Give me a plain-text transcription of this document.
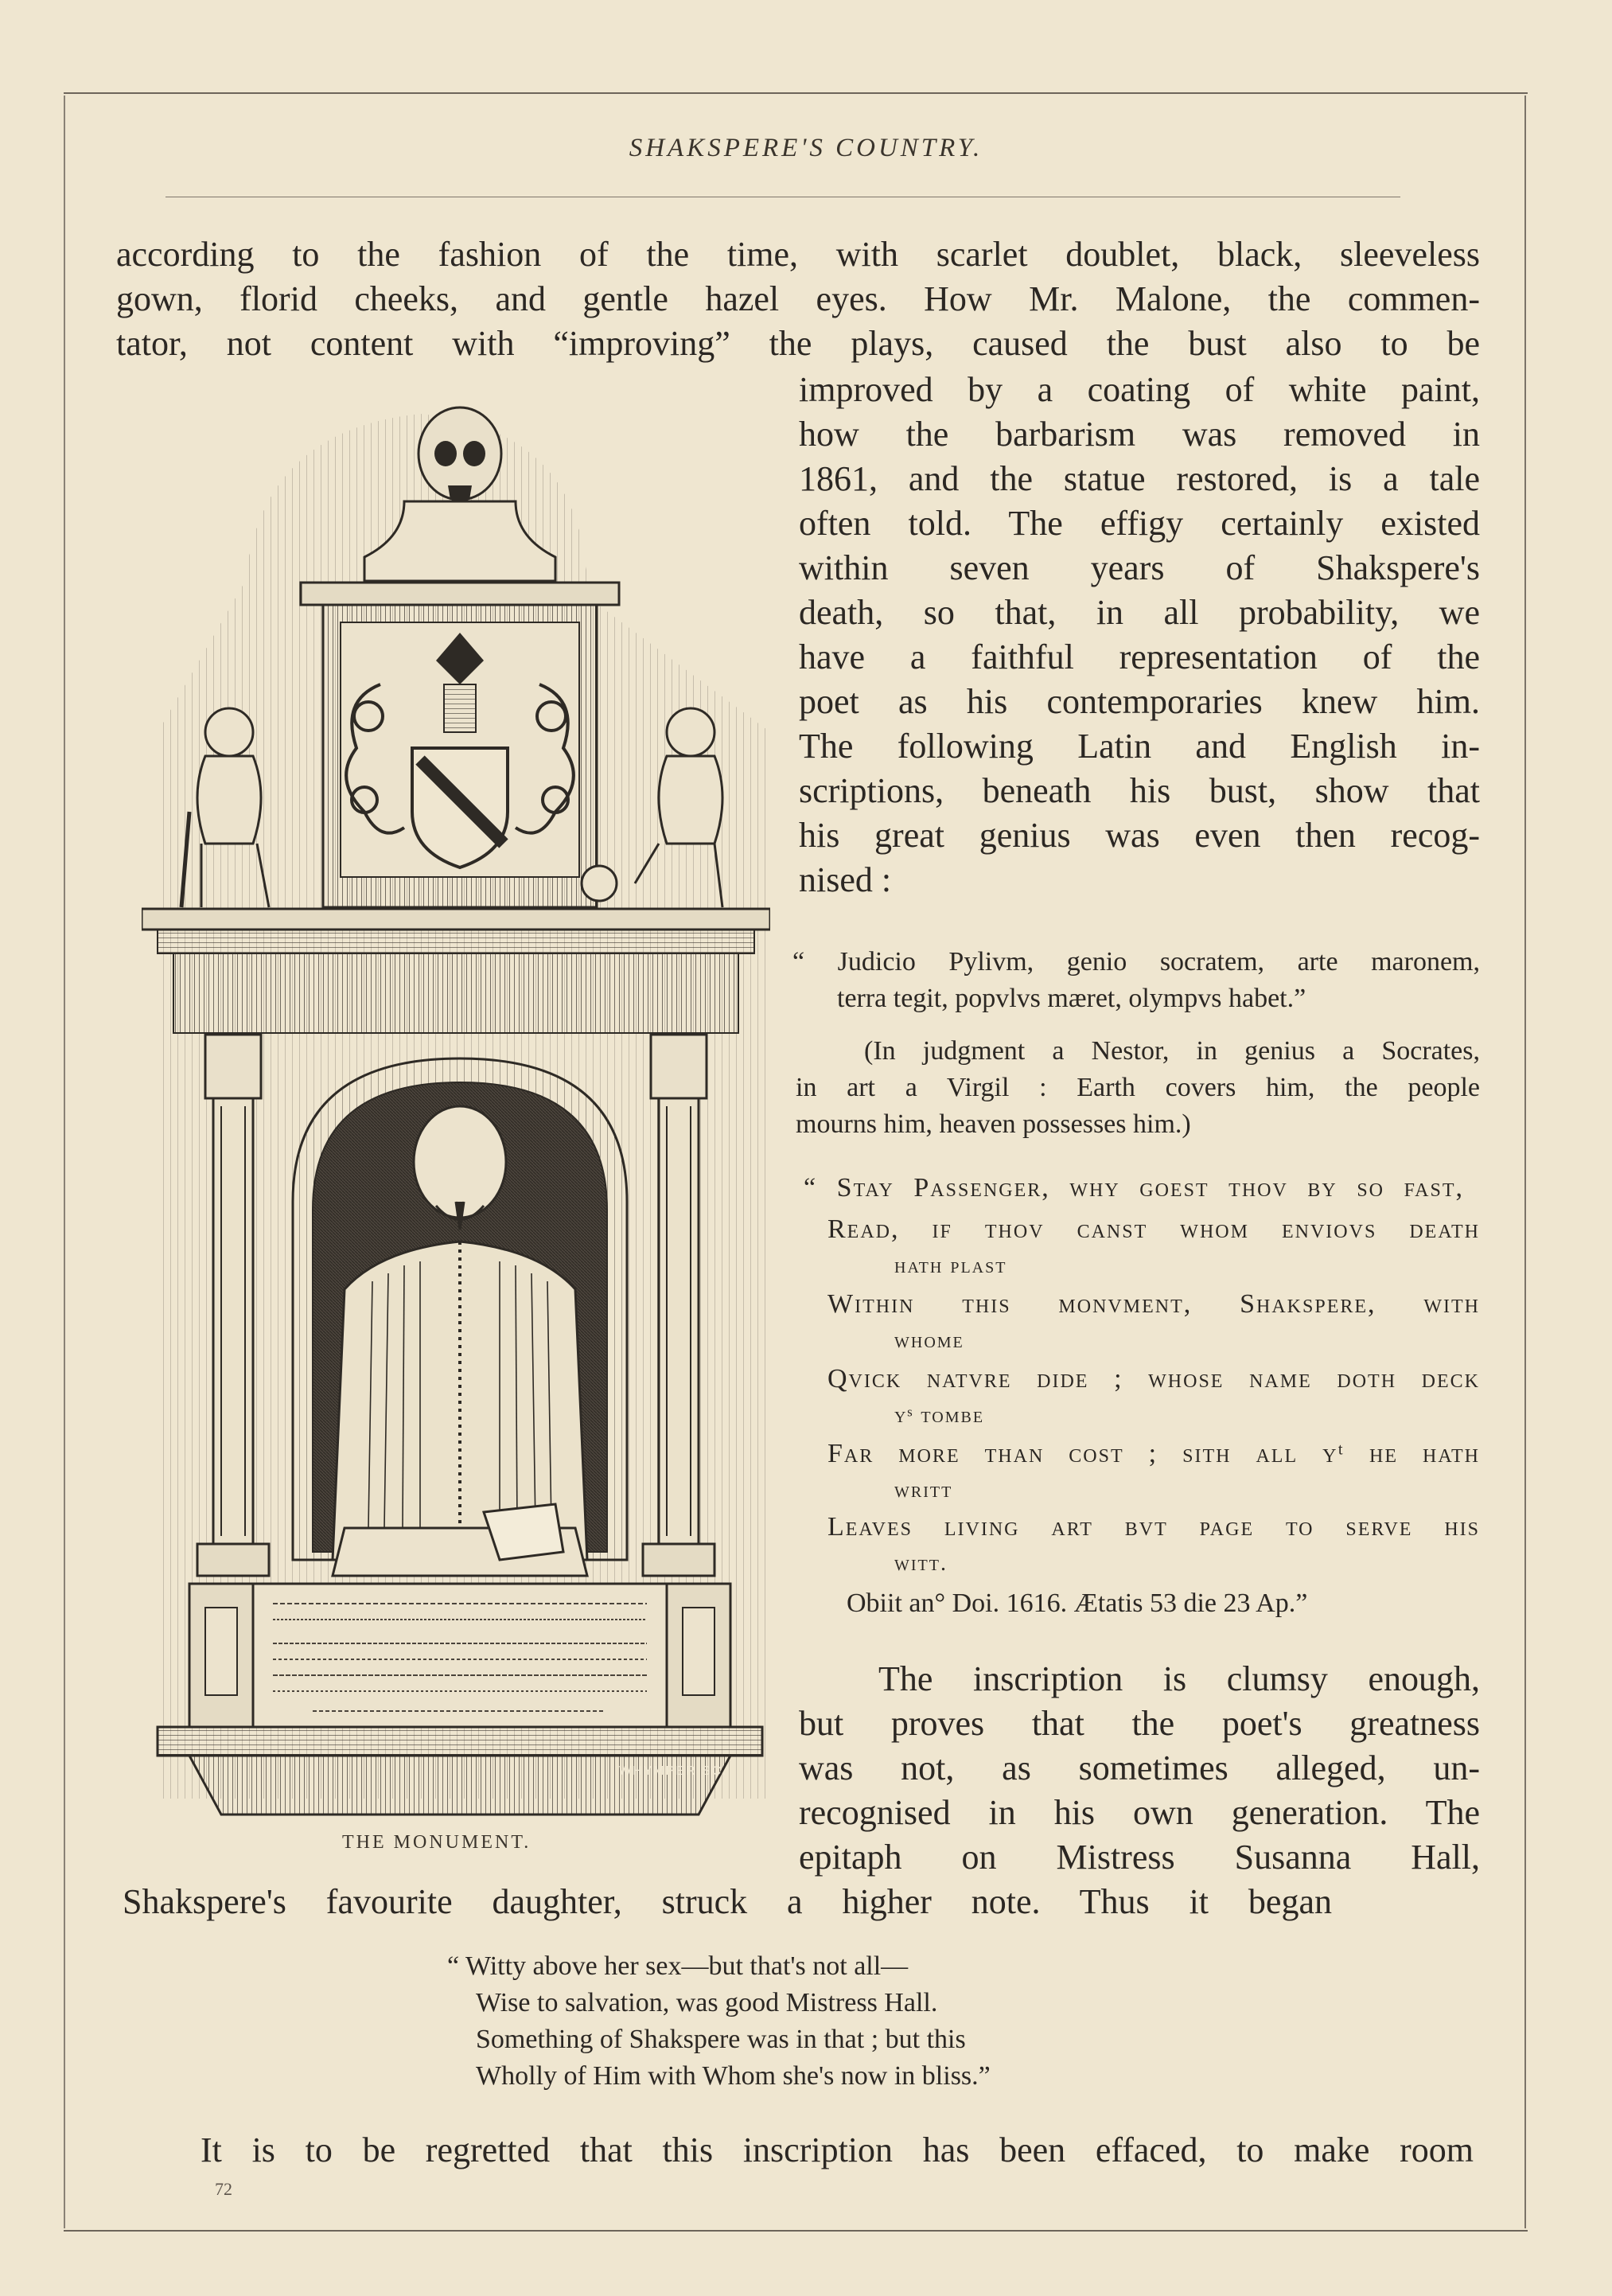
SHAKSPERE'S COUNTRY.
according to the fashion of the time, with scarlet doublet, black, sleeveless
gown, florid cheeks, and gentle hazel eyes. How Mr. Malone, the commen-
tator, not content with “improving” the plays, caused the bust also to be
improved by a coating of white paint,
how the barbarism was removed in
1861, and the statue restored, is a tale
often told. The effigy certainly existed
within seven years of Shakspere's
death, so that, in all probability, we
have a faithful representation of the
poet as his contemporaries knew him.
The following Latin and English in-
scriptions, beneath his bust, show that
his great genius was even then recog-
nised :
“ Judicio Pylivm, genio socratem, arte maronem,
terra tegit, popvlvs mæret, olympvs habet.”
(In judgment a Nestor, in genius a Socrates,
in art a Virgil : Earth covers him, the people
mourns him, heaven possesses him.)
“ Stay Passenger, why goest thov by so fast,
Read, if thov canst whom enviovs death
hath plast
Within this monvment, Shakspere, with
whome
Qvick natvre dide ; whose name doth deck
yˢ tombe
Far more than cost ; sith all yᵗ he hath
writt
Leaves living art bvt page to serve his
witt.
Obiit an° Doi. 1616. Ætatis 53 die 23 Ap.”
The inscription is clumsy enough,
but proves that the poet's greatness
was not, as sometimes alleged, un-
recognised in his own generation. The
epitaph on Mistress Susanna Hall,
Shakspere's favourite daughter, struck a higher note. Thus it began
“ Witty above her sex—but that's not all—
Wise to salvation, was good Mistress Hall.
Something of Shakspere was in that ; but this
Wholly of Him with Whom she's now in bliss.”
It is to be regretted that this inscription has been effaced, to make room
72
WHYMPER SC.
THE MONUMENT.
